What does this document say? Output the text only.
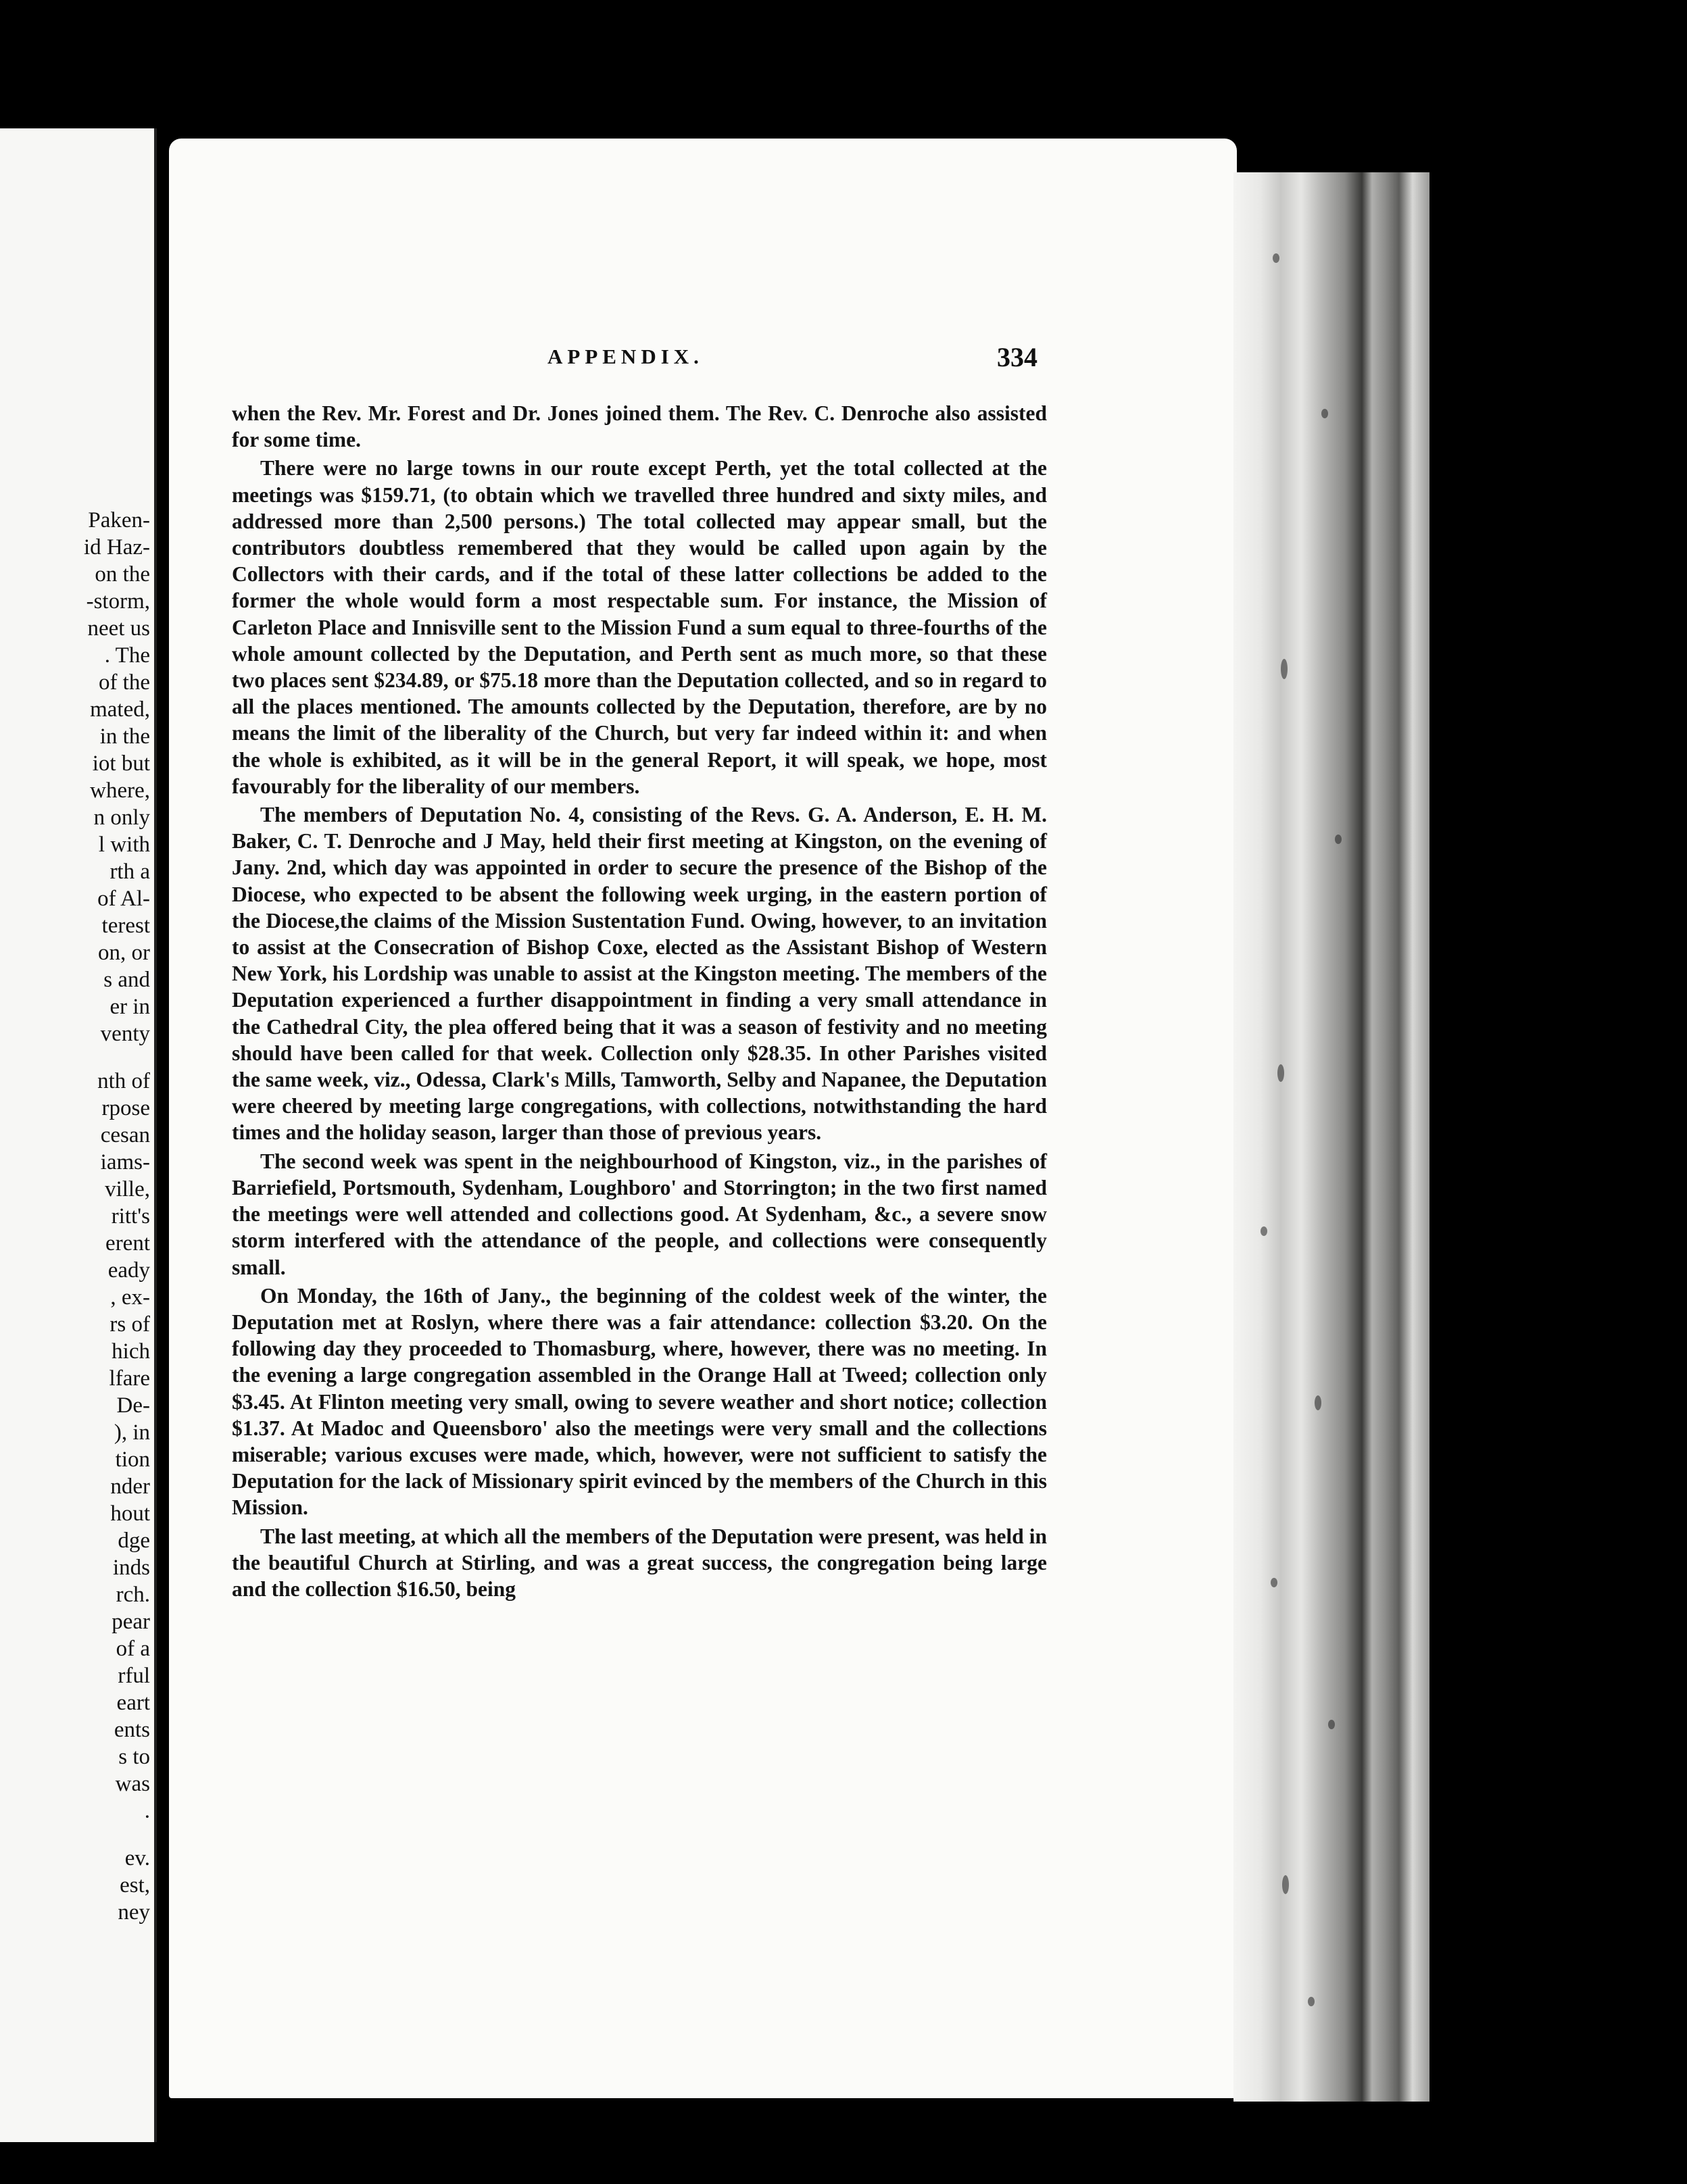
Paken-
id Haz-
on the
-storm,
neet us
. The
of the
mated,
in the
iot but
where,
n only
l with
rth a
of Al-
terest
on, or
s and
er in
venty
nth of
rpose
cesan
iams-
ville,
ritt's
erent
eady
, ex-
rs of
hich
lfare
De-
), in
tion
nder
hout
dge
inds
rch.
pear
of a
rful
eart
ents
s to
was
.
ev.
est,
ney
APPENDIX.	334

when the Rev. Mr. Forest and Dr. Jones joined them. The Rev. C. Denroche also assisted for some time.

There were no large towns in our route except Perth, yet the total collected at the meetings was $159.71, (to obtain which we travelled three hundred and sixty miles, and addressed more than 2,500 persons.) The total collected may appear small, but the contributors doubtless remembered that they would be called upon again by the Collectors with their cards, and if the total of these latter collections be added to the former the whole would form a most respectable sum. For instance, the Mission of Carleton Place and Innisville sent to the Mission Fund a sum equal to three-fourths of the whole amount collected by the Deputation, and Perth sent as much more, so that these two places sent $234.89, or $75.18 more than the Deputation collected, and so in regard to all the places mentioned. The amounts collected by the Deputation, therefore, are by no means the limit of the liberality of the Church, but very far indeed within it: and when the whole is exhibited, as it will be in the general Report, it will speak, we hope, most favourably for the liberality of our members.

The members of Deputation No. 4, consisting of the Revs. G. A. Anderson, E. H. M. Baker, C. T. Denroche and J May, held their first meeting at Kingston, on the evening of Jany. 2nd, which day was appointed in order to secure the presence of the Bishop of the Diocese, who expected to be absent the following week urging, in the eastern portion of the Diocese,the claims of the Mission Sustentation Fund. Owing, however, to an invitation to assist at the Consecration of Bishop Coxe, elected as the Assistant Bishop of Western New York, his Lordship was unable to assist at the Kingston meeting. The members of the Deputation experienced a further disappointment in finding a very small attendance in the Cathedral City, the plea offered being that it was a season of festivity and no meeting should have been called for that week. Collection only $28.35. In other Parishes visited the same week, viz., Odessa, Clark's Mills, Tamworth, Selby and Napanee, the Deputation were cheered by meeting large congregations, with collections, notwithstanding the hard times and the holiday season, larger than those of previous years.

The second week was spent in the neighbourhood of Kingston, viz., in the parishes of Barriefield, Portsmouth, Sydenham, Loughboro' and Storrington; in the two first named the meetings were well attended and collections good. At Sydenham, &c., a severe snow storm interfered with the attendance of the people, and collections were consequently small.

On Monday, the 16th of Jany., the beginning of the coldest week of the winter, the Deputation met at Roslyn, where there was a fair attendance: collection $3.20. On the following day they proceeded to Thomasburg, where, however, there was no meeting. In the evening a large congregation assembled in the Orange Hall at Tweed; collection only $3.45. At Flinton meeting very small, owing to severe weather and short notice; collection $1.37. At Madoc and Queensboro' also the meetings were very small and the collections miserable; various excuses were made, which, however, were not sufficient to satisfy the Deputation for the lack of Missionary spirit evinced by the members of the Church in this Mission.

The last meeting, at which all the members of the Deputation were present, was held in the beautiful Church at Stirling, and was a great success, the congregation being large and the collection $16.50, being
